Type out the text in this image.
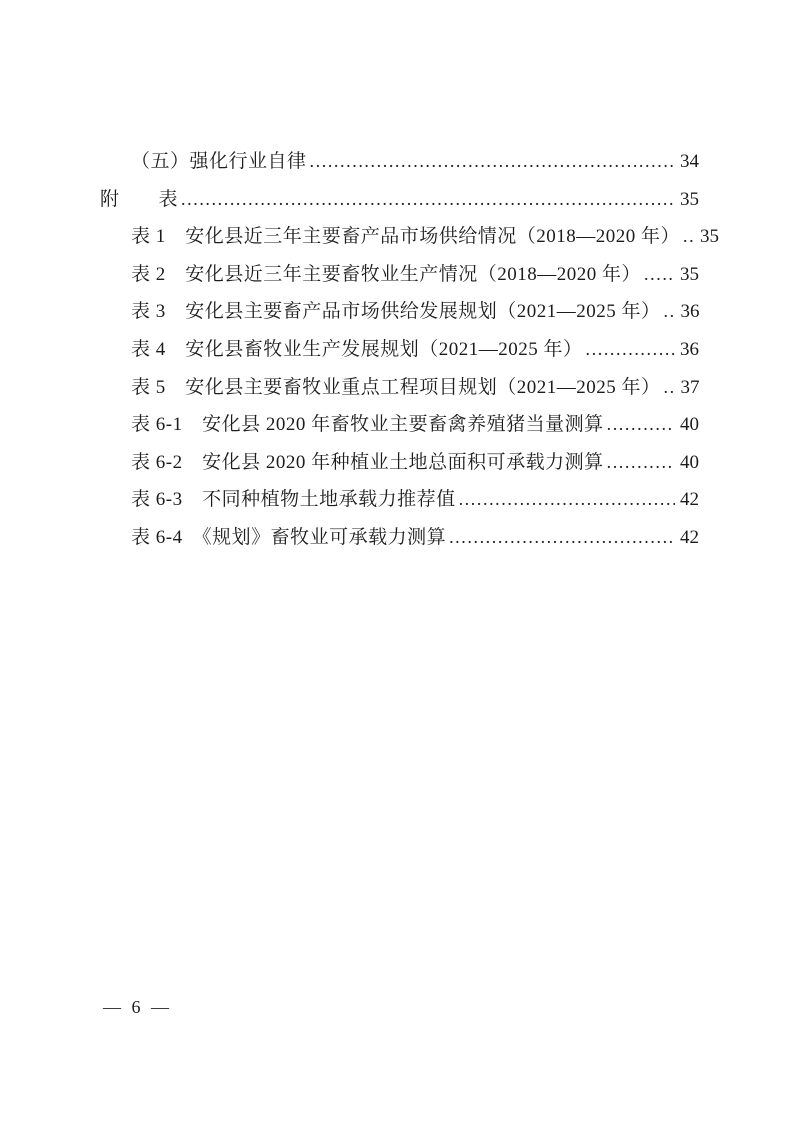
（五）强化行业自律 .....	34
附　　表 .....	35
表 1　安化县近三年主要畜产品市场供给情况（2018—2020 年） ..... 35
表 2　安化县近三年主要畜牧业生产情况（2018—2020 年） ..... 35
表 3　安化县主要畜产品市场供给发展规划（2021—2025 年） ..... 36
表 4　安化县畜牧业生产发展规划（2021—2025 年） .....	36
表 5　安化县主要畜牧业重点工程项目规划（2021—2025 年） ..... 37
表 6-1　安化县 2020 年畜牧业主要畜禽养殖猪当量测算 .....	40
表 6-2　安化县 2020 年种植业土地总面积可承载力测算 .....	40
表 6-3　不同种植物土地承载力推荐值 .....	42
表 6-4　《规划》畜牧业可承载力测算 .....	42
— 6 —
